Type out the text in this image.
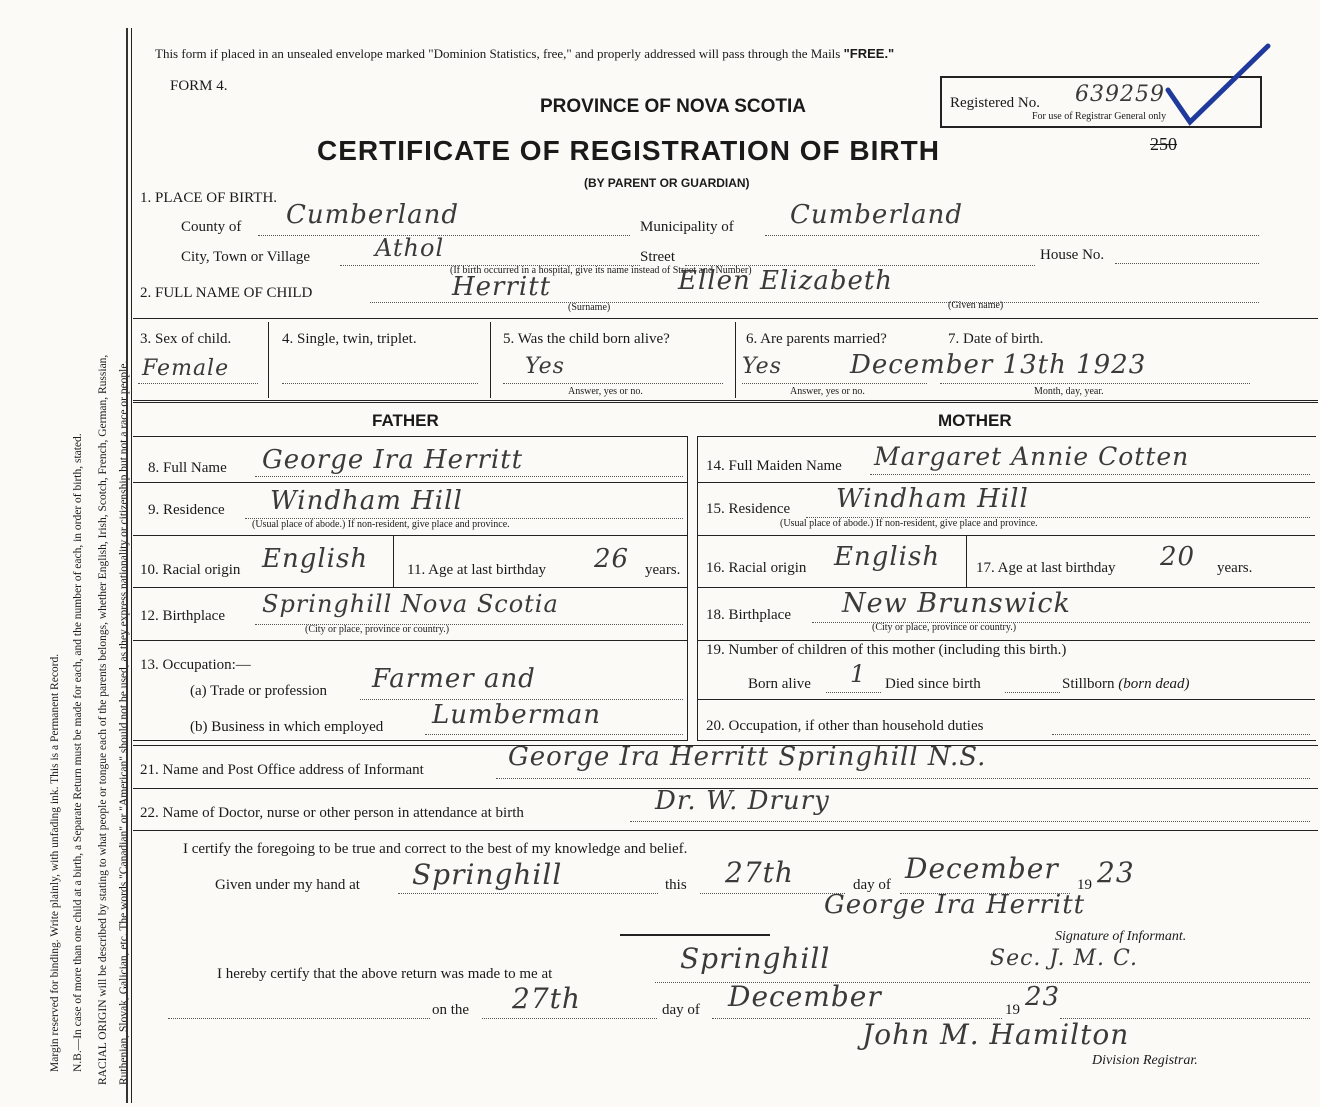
Margin reserved for binding. Write plainly, with unfading ink. This is a Permanent Record. N.B.—In case of more than one child at a birth, a Separate Return must be made for each, and the number of each, in order of birth, stated. RACIAL ORIGIN will be described by stating to what people or tongue each of the parents belongs, whether English, Irish, Scotch, French, German, Russian, Ruthenian, Slovak, Galician, etc. The words "Canadian" or "American" should not be used, as they express nationality or citizenship but not a race or people.
This form if placed in an unsealed envelope marked "Dominion Statistics, free," and properly addressed will pass through the Mails "FREE."
FORM 4.
PROVINCE OF NOVA SCOTIA
CERTIFICATE OF REGISTRATION OF BIRTH
(BY PARENT OR GUARDIAN)
Registered No. 639259
For use of Registrar General only
250
1. PLACE OF BIRTH.
County of Cumberland	Municipality of Cumberland
City, Town or Village	Athol	Street	House No.
(If birth occurred in a hospital, give its name instead of Street and Number)
2. FULL NAME OF CHILD	Herritt	Ellen Elizabeth
(Surname)	(Given name)
3. Sex of child.
Female
4. Single, twin, triplet.	5. Was the child born alive?
Yes
Answer, yes or no.
6. Are parents married?
Yes
Answer, yes or no.
7. Date of birth.
December 13th 1923
Month, day, year.
FATHER	MOTHER
8. Full Name George Ira Herritt
9. Residence Windham Hill
(Usual place of abode.) If non-resident, give place and province.
10. Racial origin English	11. Age at last birthday 26 years.
12. Birthplace Springhill Nova Scotia
(City or place, province or country.)
13. Occupation:—
(a) Trade or profession Farmer and
(b) Business in which employed Lumberman
14. Full Maiden Name Margaret Annie Cotten
15. Residence Windham Hill
(Usual place of abode.) If non-resident, give place and province.
16. Racial origin English 17. Age at last birthday 20 years.
18. Birthplace New Brunswick
(City or place, province or country.)
19. Number of children of this mother (including this birth.)
Born alive 1 Died since birth	Stillborn (born dead)
20. Occupation, if other than household duties
21. Name and Post Office address of Informant	George Ira Herritt Springhill N.S.
22. Name of Doctor, nurse or other person in attendance at birth	Dr. W. Drury
I certify the foregoing to be true and correct to the best of my knowledge and belief.
Given under my hand at Springhill	this 27th	day of December 19 23
George Ira Herritt
Signature of Informant.
I hereby certify that the above return was made to me at	Springhill	Sec. J. M. C.
on the 27th	day of December	19 23
John M. Hamilton
Division Registrar.
